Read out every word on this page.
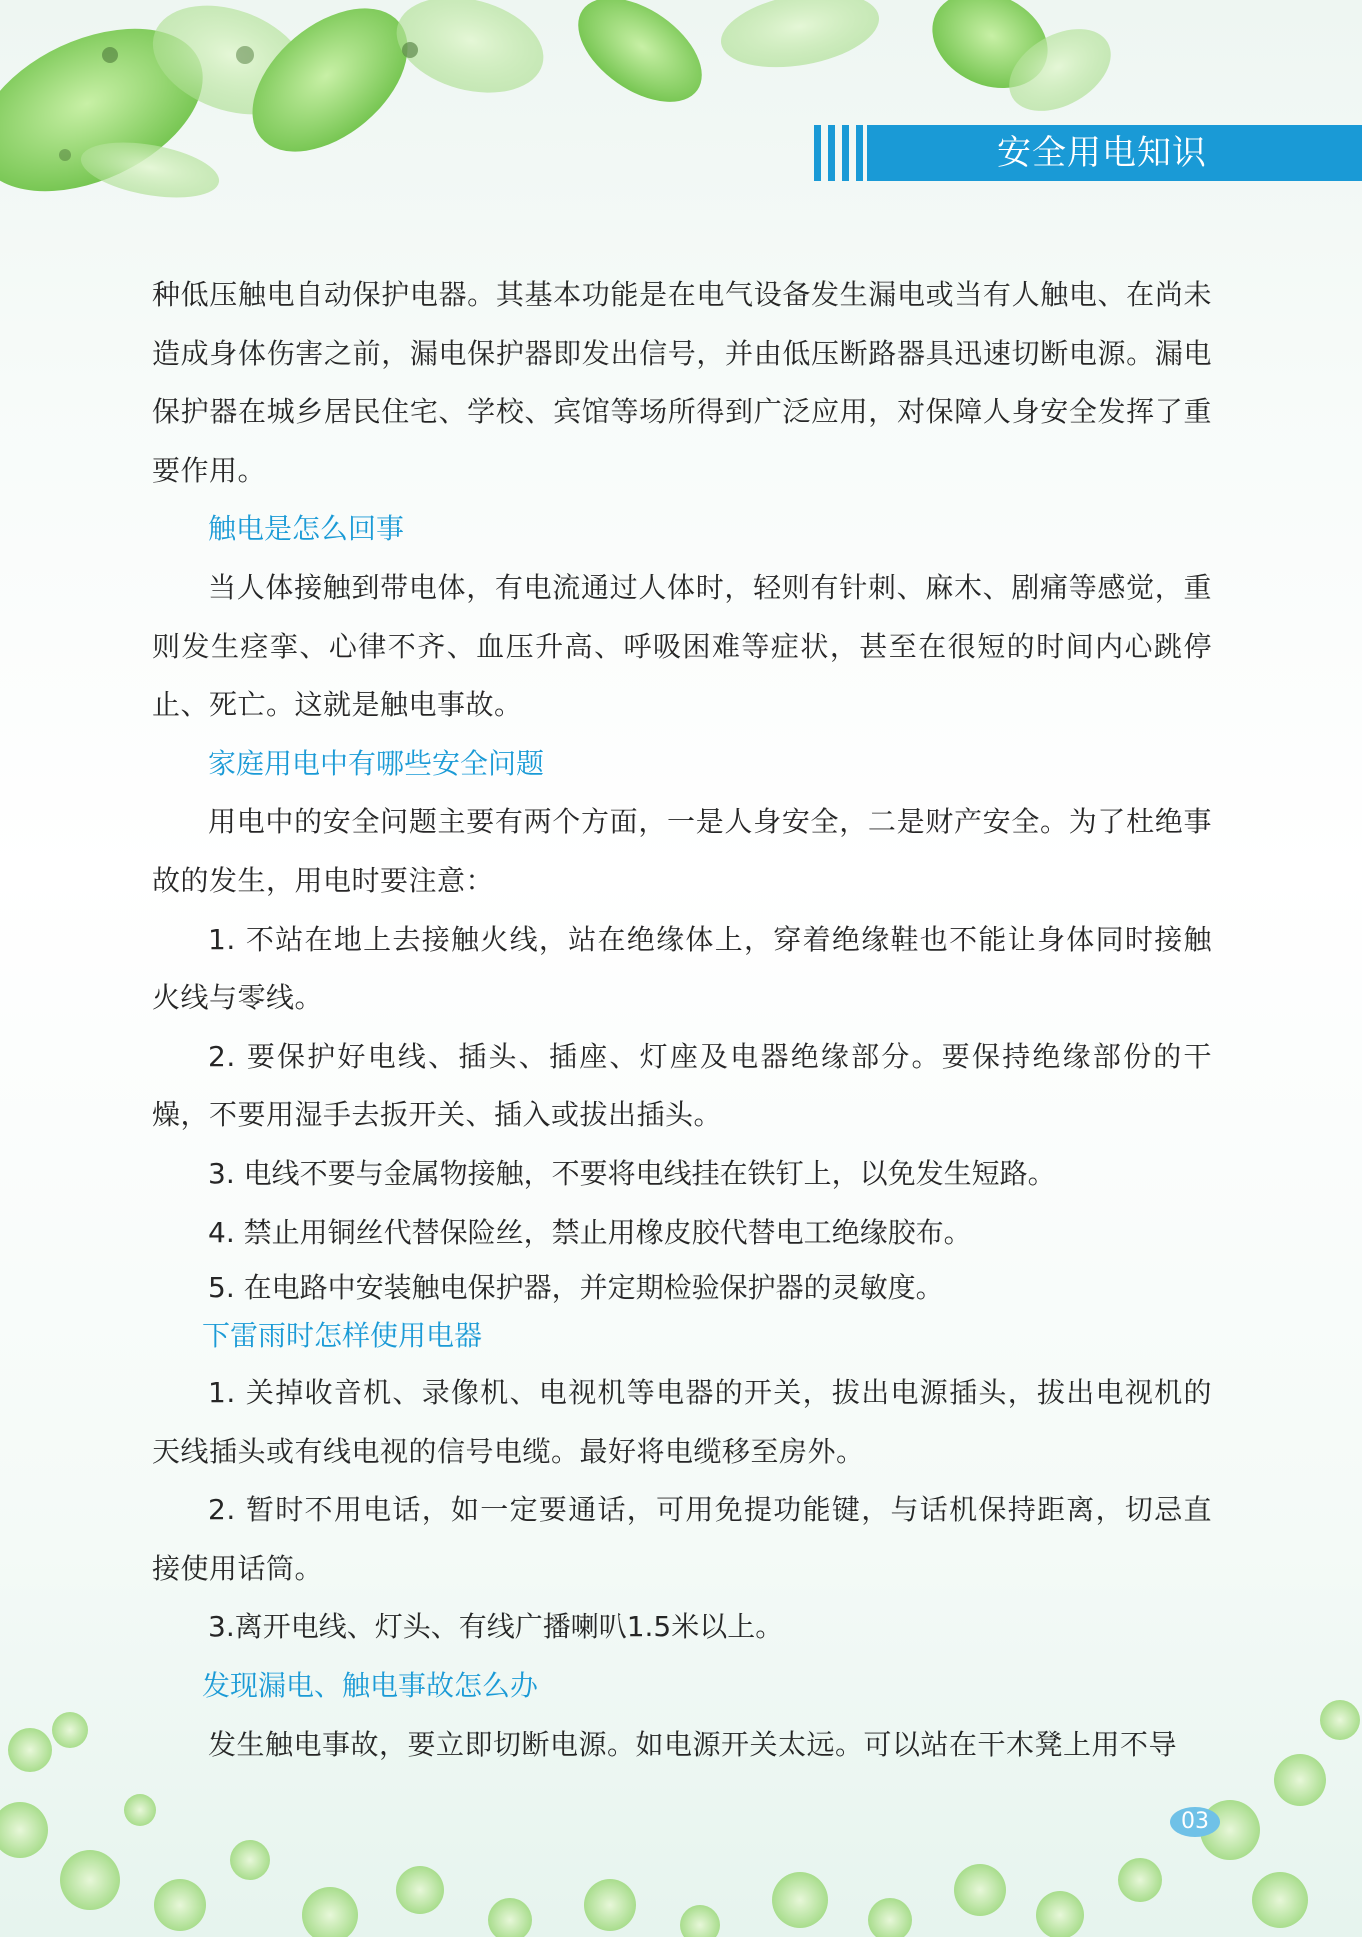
安全用电知识

种低压触电自动保护电器。其基本功能是在电气设备发生漏电或当有人触电、在尚未造成身体伤害之前，漏电保护器即发出信号，并由低压断路器具迅速切断电源。漏电保护器在城乡居民住宅、学校、宾馆等场所得到广泛应用，对保障人身安全发挥了重要作用。

触电是怎么回事

当人体接触到带电体，有电流通过人体时，轻则有针刺、麻木、剧痛等感觉，重则发生痉挛、心律不齐、血压升高、呼吸困难等症状，甚至在很短的时间内心跳停止、死亡。这就是触电事故。

家庭用电中有哪些安全问题

用电中的安全问题主要有两个方面，一是人身安全，二是财产安全。为了杜绝事故的发生，用电时要注意：

1. 不站在地上去接触火线，站在绝缘体上，穿着绝缘鞋也不能让身体同时接触火线与零线。

2. 要保护好电线、插头、插座、灯座及电器绝缘部分。要保持绝缘部份的干燥，不要用湿手去扳开关、插入或拔出插头。

3. 电线不要与金属物接触，不要将电线挂在铁钉上，以免发生短路。

4. 禁止用铜丝代替保险丝，禁止用橡皮胶代替电工绝缘胶布。

5. 在电路中安装触电保护器，并定期检验保护器的灵敏度。

下雷雨时怎样使用电器

1. 关掉收音机、录像机、电视机等电器的开关，拔出电源插头，拔出电视机的天线插头或有线电视的信号电缆。最好将电缆移至房外。

2. 暂时不用电话，如一定要通话，可用免提功能键，与话机保持距离，切忌直接使用话筒。

3.离开电线、灯头、有线广播喇叭1.5米以上。

发现漏电、触电事故怎么办

发生触电事故，要立即切断电源。如电源开关太远。可以站在干木凳上用不导

03
